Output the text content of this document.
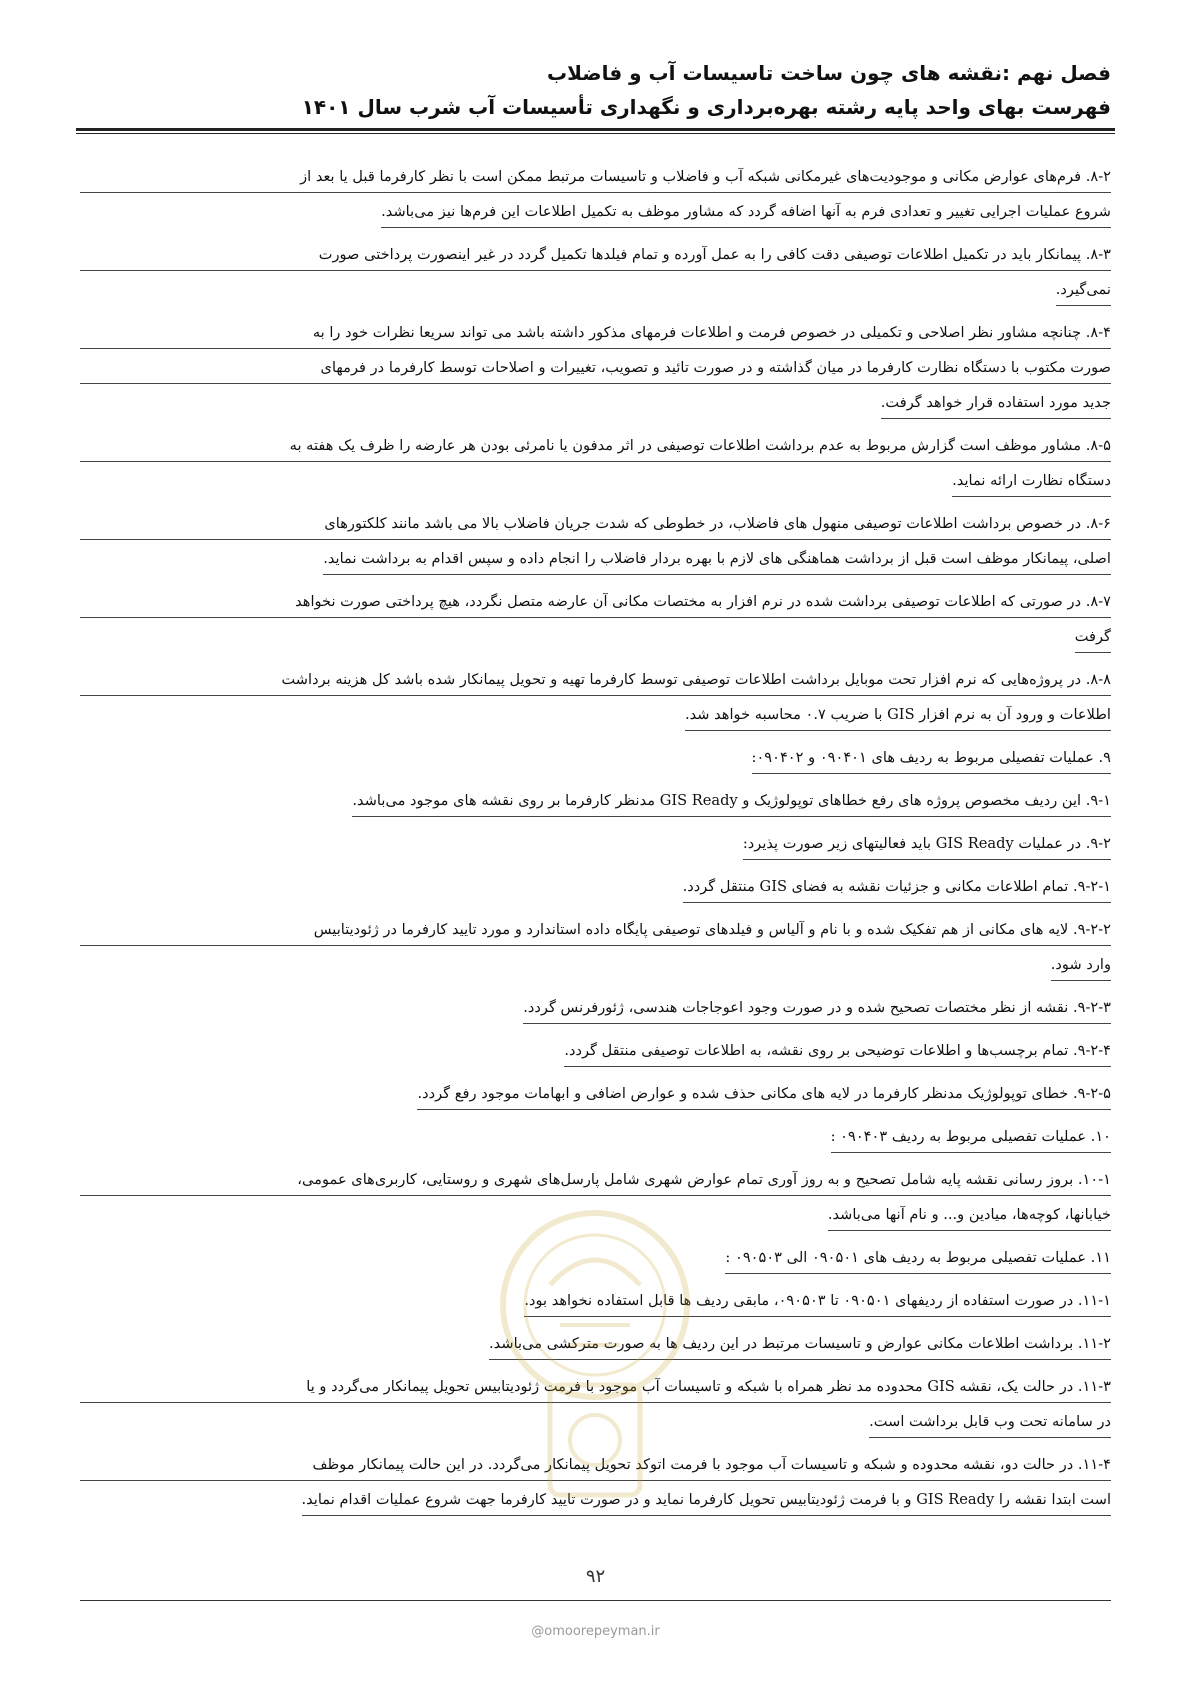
فصل نهم :نقشه های چون ساخت تاسیسات آب و فاضلاب
فهرست بهای واحد پایه رشته بهره‌برداری و نگهداری تأسیسات آب شرب سال ۱۴۰۱
۸-۲. فرم‌های عوارض مکانی و موجودیت‌های غیرمکانی شبکه آب و فاضلاب و تاسیسات مرتبط ممکن است با نظر کارفرما قبل یا بعد از
شروع عملیات اجرایی تغییر و تعدادی فرم به آنها اضافه گردد که مشاور موظف به تکمیل اطلاعات این فرم‌ها نیز می‌باشد.
۸-۳. پیمانکار باید در تکمیل اطلاعات توصیفی دقت کافی را به عمل آورده و تمام فیلدها تکمیل گردد در غیر اینصورت پرداختی صورت
نمی‌گیرد.
۸-۴. چنانچه مشاور نظر اصلاحی و تکمیلی در خصوص فرمت و اطلاعات فرمهای مذکور داشته باشد می تواند سریعا نظرات خود را به
صورت مکتوب با دستگاه نظارت کارفرما در میان گذاشته و در صورت تائید و تصویب، تغییرات و اصلاحات توسط کارفرما در فرمهای
جدید مورد استفاده قرار خواهد گرفت.
۸-۵. مشاور موظف است گزارش مربوط به عدم برداشت اطلاعات توصیفی در اثر مدفون یا نامرئی بودن هر عارضه را ظرف یک هفته به
دستگاه نظارت ارائه نماید.
۸-۶. در خصوص برداشت اطلاعات توصیفی منهول های فاضلاب، در خطوطی که شدت جریان فاضلاب بالا می باشد مانند کلکتورهای
اصلی، پیمانکار موظف است قبل از برداشت هماهنگی های لازم با بهره بردار فاضلاب را انجام داده و سپس اقدام به برداشت نماید.
۸-۷. در صورتی که اطلاعات توصیفی برداشت شده در نرم افزار به مختصات مکانی آن عارضه متصل نگردد، هیچ پرداختی صورت نخواهد
گرفت
۸-۸. در پروژه‌هایی که نرم افزار تحت موبایل برداشت اطلاعات توصیفی توسط کارفرما تهیه و تحویل پیمانکار شده باشد کل هزینه برداشت
اطلاعات و ورود آن به نرم افزار GIS با ضریب ۰.۷ محاسبه خواهد شد.
۹. عملیات تفصیلی مربوط به ردیف های ۰۹۰۴۰۱ و ۰۹۰۴۰۲:
۹-۱. این ردیف مخصوص پروژه های رفع خطاهای توپولوژیک و GIS Ready مدنظر کارفرما بر روی نقشه های موجود می‌باشد.
۹-۲. در عملیات GIS Ready باید فعالیتهای زیر صورت پذیرد:
۹-۲-۱. تمام اطلاعات مکانی و جزئیات نقشه به فضای GIS منتقل گردد.
۹-۲-۲. لایه های مکانی از هم تفکیک شده و با نام و آلیاس و فیلدهای توصیفی پایگاه داده استاندارد و مورد تایید کارفرما در ژئودیتابیس
وارد شود.
۹-۲-۳. نقشه از نظر مختصات تصحیح شده و در صورت وجود اعوجاجات هندسی، ژئورفرنس گردد.
۹-۲-۴. تمام برچسب‌ها و اطلاعات توضیحی بر روی نقشه، به اطلاعات توصیفی منتقل گردد.
۹-۲-۵. خطای توپولوژیک مدنظر کارفرما در لایه های مکانی حذف شده و عوارض اضافی و ابهامات موجود رفع گردد.
۱۰. عملیات تفصیلی مربوط به ردیف ۰۹۰۴۰۳ :
۱۰-۱. بروز رسانی نقشه پایه شامل تصحیح و به روز آوری تمام عوارض شهری شامل پارسل‌های شهری و روستایی، کاربری‌های عمومی،
خیابانها، کوچه‌ها، میادین و... و نام آنها می‌باشد.
۱۱. عملیات تفصیلی مربوط به ردیف های ۰۹۰۵۰۱ الی ۰۹۰۵۰۳ :
۱۱-۱. در صورت استفاده از ردیفهای ۰۹۰۵۰۱ تا ۰۹۰۵۰۳، مابقی ردیف ها قابل استفاده نخواهد بود.
۱۱-۲. برداشت اطلاعات مکانی عوارض و تاسیسات مرتبط در این ردیف ها به صورت مترکشی می‌باشد.
۱۱-۳. در حالت یک، نقشه GIS محدوده مد نظر همراه با شبکه و تاسیسات آب موجود با فرمت ژئودیتابیس تحویل پیمانکار می‌گردد و یا
در سامانه تحت وب قابل برداشت است.
۱۱-۴. در حالت دو، نقشه محدوده و شبکه و تاسیسات آب موجود با فرمت اتوکد تحویل پیمانکار می‌گردد. در این حالت پیمانکار موظف
است ابتدا نقشه را GIS Ready و با فرمت ژئودیتابیس تحویل کارفرما نماید و در صورت تایید کارفرما جهت شروع عملیات اقدام نماید.
۹۲
@omoorepeyman.ir
